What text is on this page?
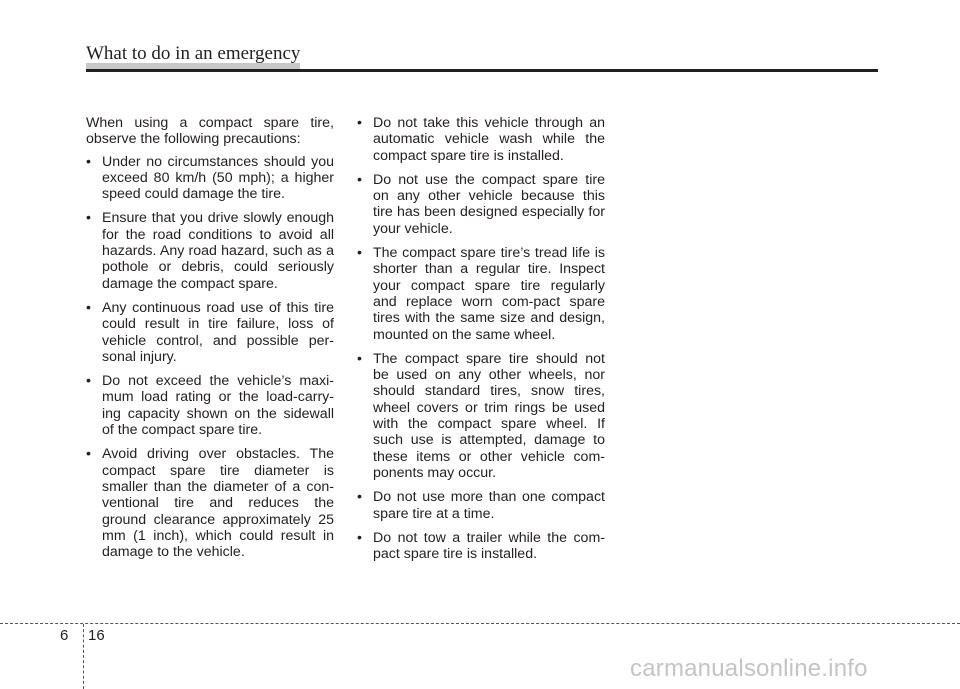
What to do in an emergency

When using a compact spare tire, observe the following precautions:

• Under no circumstances should you exceed 80 km/h (50 mph); a higher speed could damage the tire.
• Ensure that you drive slowly enough for the road conditions to avoid all hazards. Any road hazard, such as a pothole or debris, could seriously damage the compact spare.
• Any continuous road use of this tire could result in tire failure, loss of vehicle control, and possible per-sonal injury.
• Do not exceed the vehicle’s maxi-mum load rating or the load-carry-ing capacity shown on the sidewall of the compact spare tire.
• Avoid driving over obstacles. The compact spare tire diameter is smaller than the diameter of a con-ventional tire and reduces the ground clearance approximately 25 mm (1 inch), which could result in damage to the vehicle.
• Do not take this vehicle through an automatic vehicle wash while the compact spare tire is installed.
• Do not use the compact spare tire on any other vehicle because this tire has been designed especially for your vehicle.
• The compact spare tire’s tread life is shorter than a regular tire. Inspect your compact spare tire regularly and replace worn com-pact spare tires with the same size and design, mounted on the same wheel.
• The compact spare tire should not be used on any other wheels, nor should standard tires, snow tires, wheel covers or trim rings be used with the compact spare wheel. If such use is attempted, damage to these items or other vehicle com-ponents may occur.
• Do not use more than one compact spare tire at a time.
• Do not tow a trailer while the com-pact spare tire is installed.
6 16
carmanualsonline.info
